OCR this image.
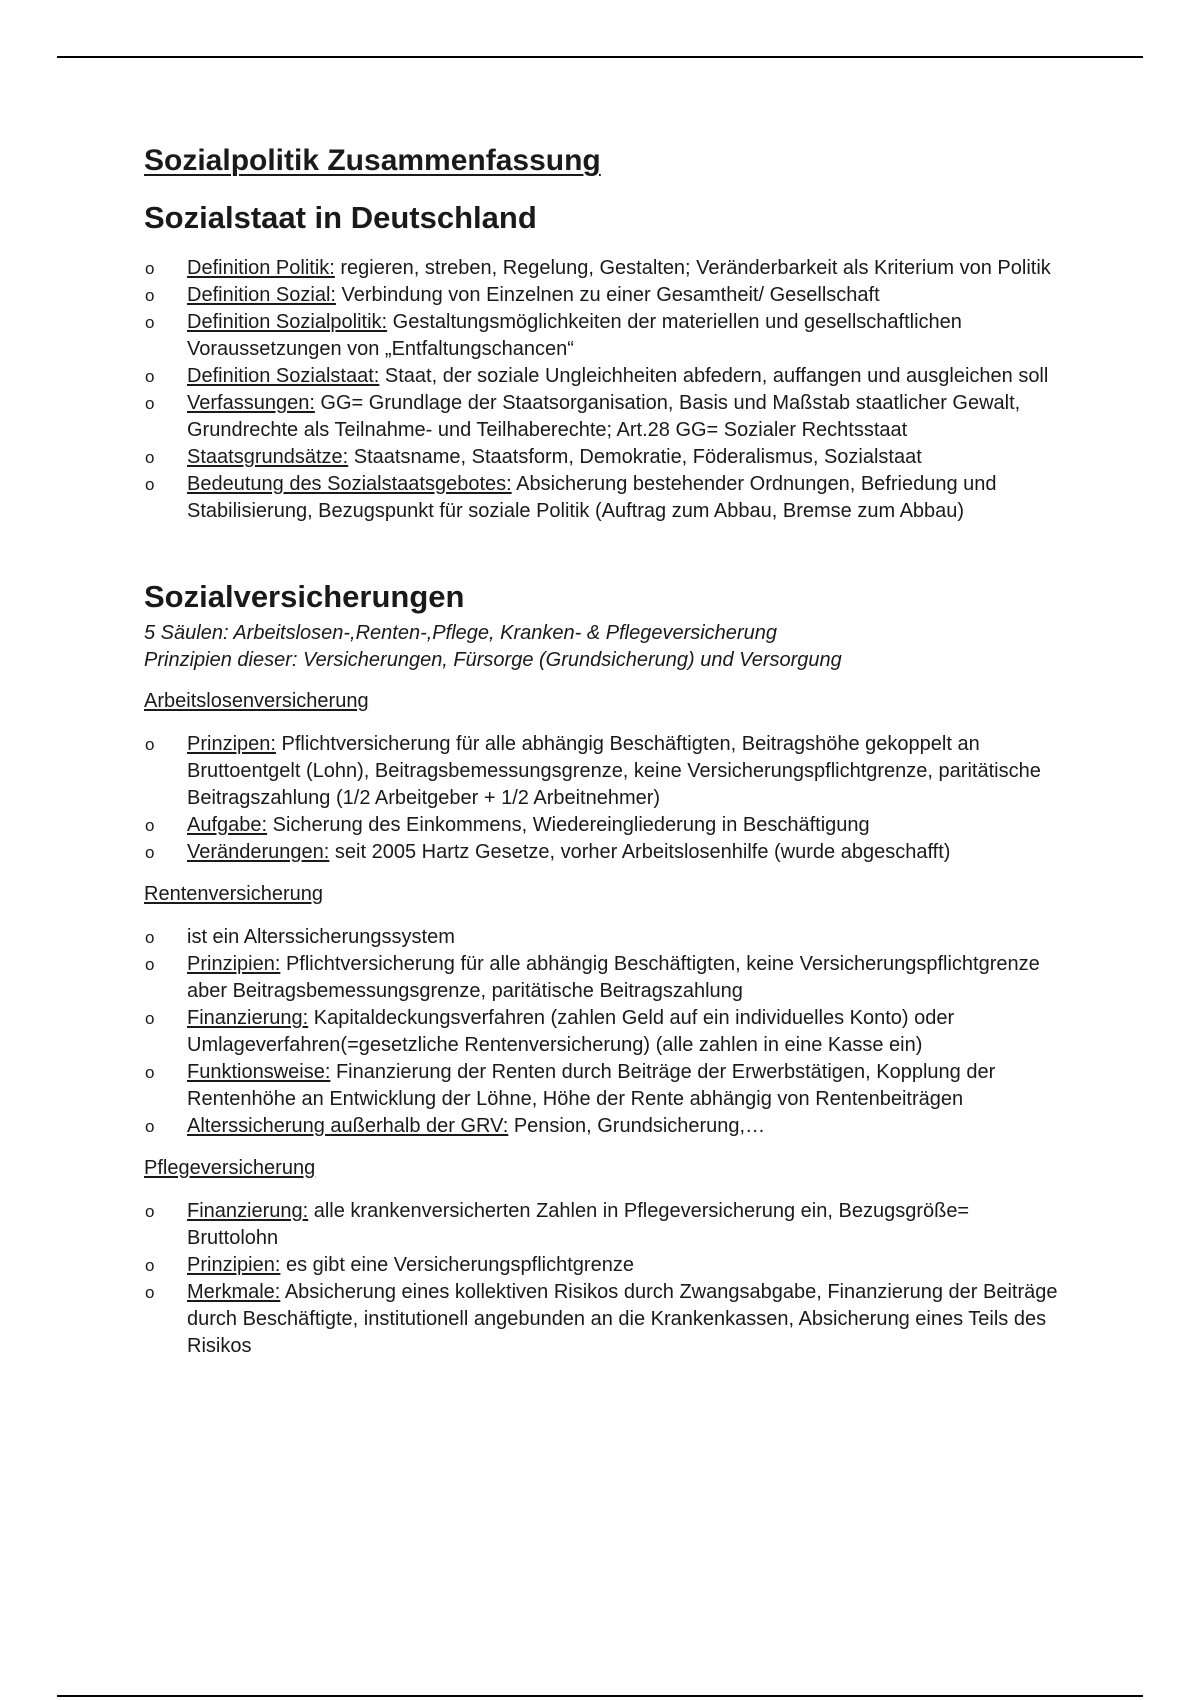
Sozialpolitik Zusammenfassung
Sozialstaat in Deutschland
o Definition Politik: regieren, streben, Regelung, Gestalten; Veränderbarkeit als Kriterium von Politik
o Definition Sozial: Verbindung von Einzelnen zu einer Gesamtheit/ Gesellschaft
o Definition Sozialpolitik: Gestaltungsmöglichkeiten der materiellen und gesellschaftlichen Voraussetzungen von „Entfaltungschancen“
o Definition Sozialstaat: Staat, der soziale Ungleichheiten abfedern, auffangen und ausgleichen soll
o Verfassungen: GG= Grundlage der Staatsorganisation, Basis und Maßstab staatlicher Gewalt, Grundrechte als Teilnahme- und Teilhaberechte; Art.28 GG= Sozialer Rechtsstaat
o Staatsgrundsätze: Staatsname, Staatsform, Demokratie, Föderalismus, Sozialstaat
o Bedeutung des Sozialstaatsgebotes: Absicherung bestehender Ordnungen, Befriedung und Stabilisierung, Bezugspunkt für soziale Politik (Auftrag zum Abbau, Bremse zum Abbau)
Sozialversicherungen

5 Säulen: Arbeitslosen-,Renten-,Pflege, Kranken- & Pflegeversicherung

Prinzipien dieser: Versicherungen, Fürsorge (Grundsicherung) und Versorgung

Arbeitslosenversicherung

o Prinzipen: Pflichtversicherung für alle abhängig Beschäftigten, Beitragshöhe gekoppelt an Bruttoentgelt (Lohn), Beitragsbemessungsgrenze, keine Versicherungspflichtgrenze, paritätische Beitragszahlung (1/2 Arbeitgeber + 1/2 Arbeitnehmer)
o Aufgabe: Sicherung des Einkommens, Wiedereingliederung in Beschäftigung
o Veränderungen: seit 2005 Hartz Gesetze, vorher Arbeitslosenhilfe (wurde abgeschafft)

Rentenversicherung

o ist ein Alterssicherungssystem
o Prinzipien: Pflichtversicherung für alle abhängig Beschäftigten, keine Versicherungspflichtgrenze aber Beitragsbemessungsgrenze, paritätische Beitragszahlung
o Finanzierung: Kapitaldeckungsverfahren (zahlen Geld auf ein individuelles Konto) oder Umlageverfahren(=gesetzliche Rentenversicherung) (alle zahlen in eine Kasse ein)
o Funktionsweise: Finanzierung der Renten durch Beiträge der Erwerbstätigen, Kopplung der Rentenhöhe an Entwicklung der Löhne, Höhe der Rente abhängig von Rentenbeiträgen
o Alterssicherung außerhalb der GRV: Pension, Grundsicherung,…

Pflegeversicherung

o Finanzierung: alle krankenversicherten Zahlen in Pflegeversicherung ein, Bezugsgröße= Bruttolohn
o Prinzipien: es gibt eine Versicherungspflichtgrenze
o Merkmale: Absicherung eines kollektiven Risikos durch Zwangsabgabe, Finanzierung der Beiträge durch Beschäftigte, institutionell angebunden an die Krankenkassen, Absicherung eines Teils des Risikos
